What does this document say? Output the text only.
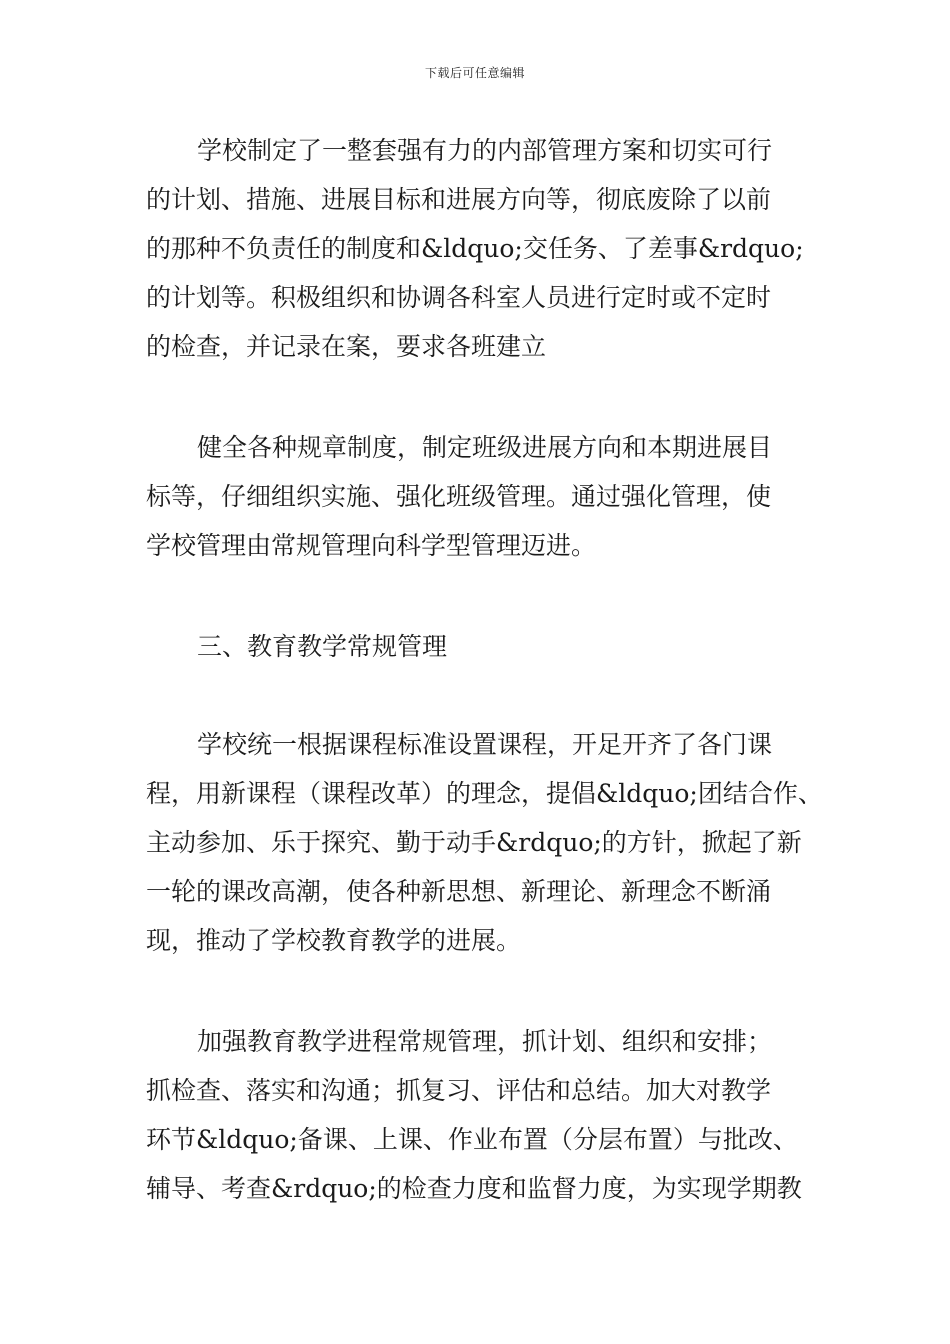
下载后可任意编辑
学校制定了一整套强有力的内部管理方案和切实可行
的计划、措施、进展目标和进展方向等，彻底废除了以前
的那种不负责任的制度和&ldquo;交任务、了差事&rdquo;
的计划等。积极组织和协调各科室人员进行定时或不定时
的检查，并记录在案，要求各班建立
健全各种规章制度，制定班级进展方向和本期进展目
标等，仔细组织实施、强化班级管理。通过强化管理，使
学校管理由常规管理向科学型管理迈进。
三、教育教学常规管理
学校统一根据课程标准设置课程，开足开齐了各门课
程，用新课程（课程改革）的理念，提倡&ldquo;团结合作、
主动参加、乐于探究、勤于动手&rdquo;的方针，掀起了新
一轮的课改高潮，使各种新思想、新理论、新理念不断涌
现，推动了学校教育教学的进展。
加强教育教学进程常规管理，抓计划、组织和安排；
抓检查、落实和沟通；抓复习、评估和总结。加大对教学
环节&ldquo;备课、上课、作业布置（分层布置）与批改、
辅导、考查&rdquo;的检查力度和监督力度，为实现学期教
